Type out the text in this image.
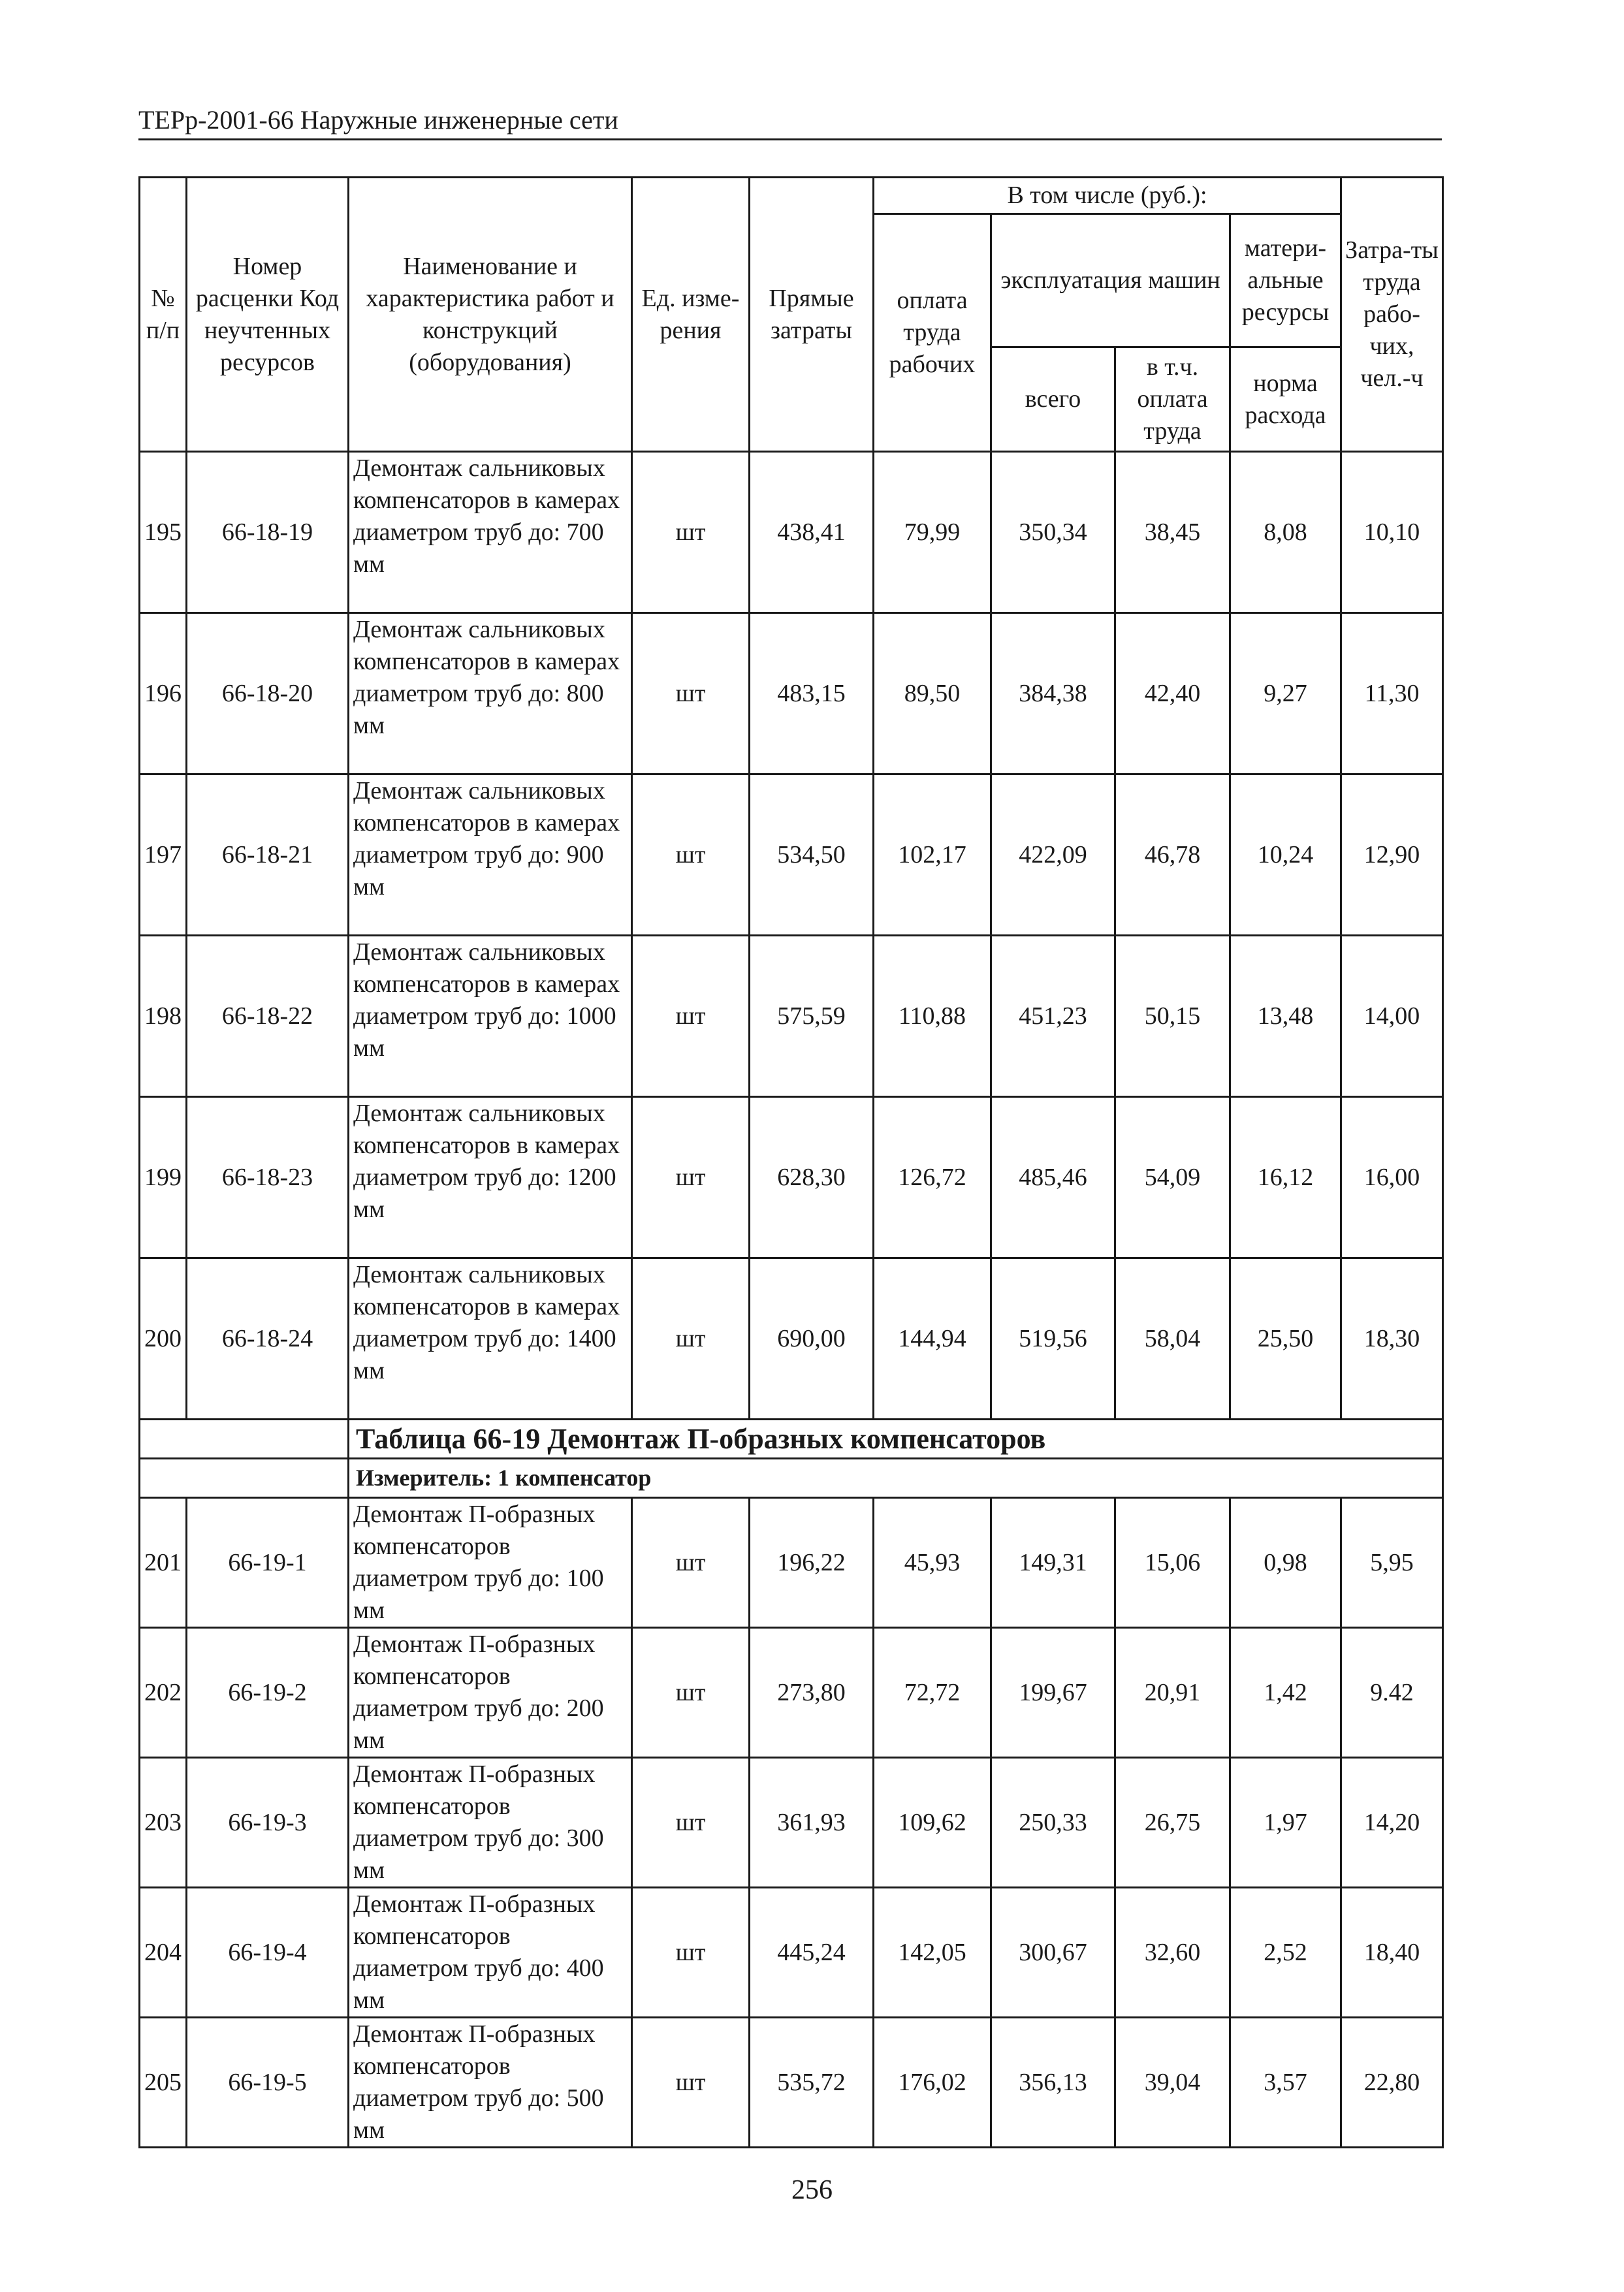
ТЕРр-2001-66 Наружные инженерные сети
№ п/п	Номер расценки Код неучтенных ресурсов	Наименование и характеристика работ и конструкций (оборудования)	Ед. изме-рения	Прямые затраты	В том числе (руб.):				Затра-ты труда рабо-чих, чел.-ч
					оплата труда рабочих	эксплуатация машин		матери-альные ресурсы	
						всего	в т.ч. оплата труда	норма расхода	
195	66-18-19	Демонтаж сальниковых компенсаторов в камерах диаметром труб до: 700 мм	шт	438,41	79,99	350,34	38,45	8,08	10,10
196	66-18-20	Демонтаж сальниковых компенсаторов в камерах диаметром труб до: 800 мм	шт	483,15	89,50	384,38	42,40	9,27	11,30
197	66-18-21	Демонтаж сальниковых компенсаторов в камерах диаметром труб до: 900 мм	шт	534,50	102,17	422,09	46,78	10,24	12,90
198	66-18-22	Демонтаж сальниковых компенсаторов в камерах диаметром труб до: 1000 мм	шт	575,59	110,88	451,23	50,15	13,48	14,00
199	66-18-23	Демонтаж сальниковых компенсаторов в камерах диаметром труб до: 1200 мм	шт	628,30	126,72	485,46	54,09	16,12	16,00
200	66-18-24	Демонтаж сальниковых компенсаторов в камерах диаметром труб до: 1400 мм	шт	690,00	144,94	519,56	58,04	25,50	18,30
		Таблица 66-19 Демонтаж П-образных компенсаторов							
		Измеритель: 1 компенсатор							
201	66-19-1	Демонтаж П-образных компенсаторов диаметром труб до: 100 мм	шт	196,22	45,93	149,31	15,06	0,98	5,95
202	66-19-2	Демонтаж П-образных компенсаторов диаметром труб до: 200 мм	шт	273,80	72,72	199,67	20,91	1,42	9.42
203	66-19-3	Демонтаж П-образных компенсаторов диаметром труб до: 300 мм	шт	361,93	109,62	250,33	26,75	1,97	14,20
204	66-19-4	Демонтаж П-образных компенсаторов диаметром труб до: 400 мм	шт	445,24	142,05	300,67	32,60	2,52	18,40
205	66-19-5	Демонтаж П-образных компенсаторов диаметром труб до: 500 мм	шт	535,72	176,02	356,13	39,04	3,57	22,80
256
